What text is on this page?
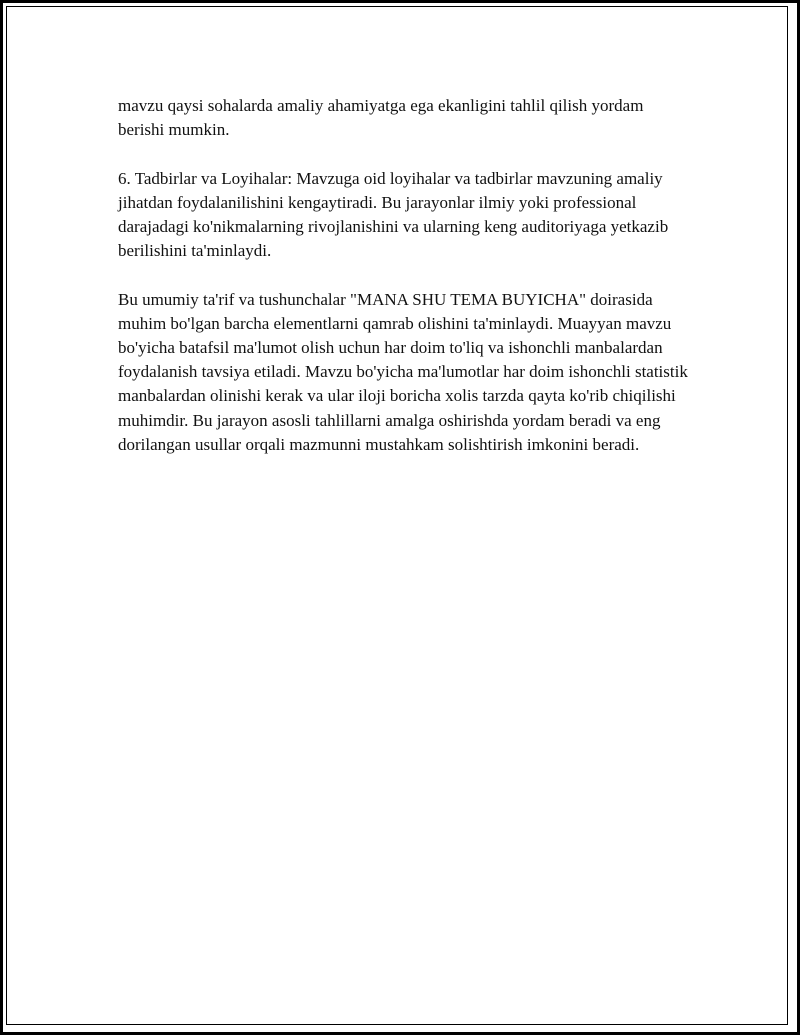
mavzu qaysi sohalarda amaliy ahamiyatga ega ekanligini tahlil qilish yordam berishi mumkin.

6. Tadbirlar va Loyihalar: Mavzuga oid loyihalar va tadbirlar mavzuning amaliy jihatdan foydalanilishini kengaytiradi. Bu jarayonlar ilmiy yoki professional darajadagi ko'nikmalarning rivojlanishini va ularning keng auditoriyaga yetkazib berilishini ta'minlaydi.

Bu umumiy ta'rif va tushunchalar "MANA SHU TEMA BUYICHA" doirasida muhim bo'lgan barcha elementlarni qamrab olishini ta'minlaydi. Muayyan mavzu bo'yicha batafsil ma'lumot olish uchun har doim to'liq va ishonchli manbalardan foydalanish tavsiya etiladi. Mavzu bo'yicha ma'lumotlar har doim ishonchli statistik manbalardan olinishi kerak va ular iloji boricha xolis tarzda qayta ko'rib chiqilishi muhimdir. Bu jarayon asosli tahlillarni amalga oshirishda yordam beradi va eng dorilangan usullar orqali mazmunni mustahkam solishtirish imkonini beradi.
